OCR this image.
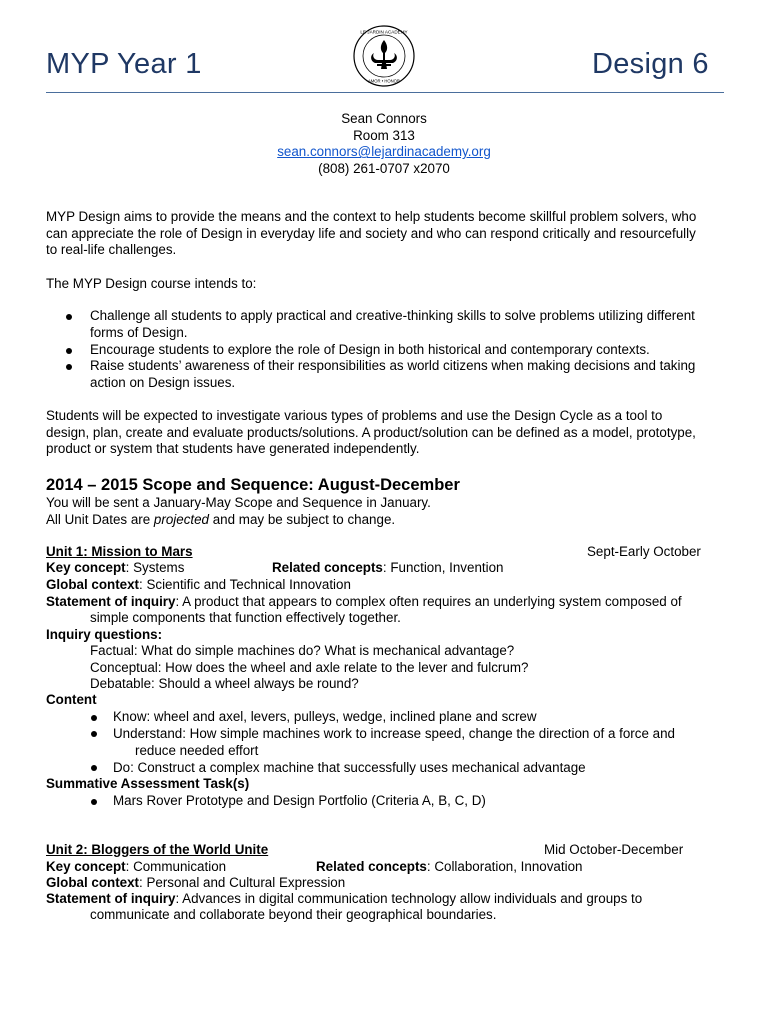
MYP Year 1	Design 6
LE JARDIN ACADEMY
AMOR • HONOR
Sean Connors
Room 313
sean.connors@lejardinacademy.org
(808) 261-0707 x2070
MYP Design aims to provide the means and the context to help students become skillful problem solvers, who
can appreciate the role of Design in everyday life and society and who can respond critically and resourcefully
to real-life challenges.
The MYP Design course intends to:
Challenge all students to apply practical and creative-thinking skills to solve problems utilizing different
forms of Design.
Encourage students to explore the role of Design in both historical and contemporary contexts.
Raise students’ awareness of their responsibilities as world citizens when making decisions and taking
action on Design issues.
Students will be expected to investigate various types of problems and use the Design Cycle as a tool to
design, plan, create and evaluate products/solutions. A product/solution can be defined as a model, prototype,
product or system that students have generated independently.
2014 – 2015 Scope and Sequence: August-December
You will be sent a January-May Scope and Sequence in January.
All Unit Dates are projected and may be subject to change.
Unit 1: Mission to Mars	Sept-Early October
Key concept: Systems	Related concepts: Function, Invention
Global context: Scientific and Technical Innovation
Statement of inquiry: A product that appears to complex often requires an underlying system composed of
simple components that function effectively together.
Inquiry questions:
Factual: What do simple machines do? What is mechanical advantage?
Conceptual: How does the wheel and axle relate to the lever and fulcrum?
Debatable: Should a wheel always be round?
Content
Know: wheel and axel, levers, pulleys, wedge, inclined plane and screw
Understand: How simple machines work to increase speed, change the direction of a force and
reduce needed effort
Do: Construct a complex machine that successfully uses mechanical advantage
Summative Assessment Task(s)
Mars Rover Prototype and Design Portfolio (Criteria A, B, C, D)
Unit 2: Bloggers of the World Unite	Mid October-December
Key concept: Communication	Related concepts: Collaboration, Innovation
Global context: Personal and Cultural Expression
Statement of inquiry: Advances in digital communication technology allow individuals and groups to
communicate and collaborate beyond their geographical boundaries.
